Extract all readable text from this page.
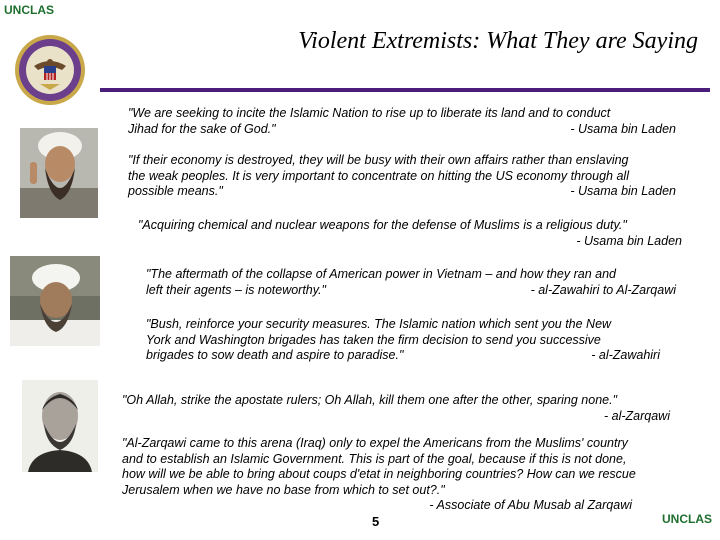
UNCLAS
Violent Extremists: What They are Saying
"We are seeking to incite the Islamic Nation to rise up to liberate its land and to conduct
Jihad for the sake of God."	- Usama bin Laden
"If their economy is destroyed, they will be busy with their own affairs rather than enslaving
the weak peoples. It is very important to concentrate on hitting the US economy through all
possible means."	- Usama bin Laden
"Acquiring chemical and nuclear weapons for the defense of Muslims is a religious duty."
- Usama bin Laden
"The aftermath of the collapse of American power in Vietnam – and how they ran and
left their agents – is noteworthy."	- al-Zawahiri to Al-Zarqawi
"Bush, reinforce your security measures. The Islamic nation which sent you the New
York and Washington brigades has taken the firm decision to send you successive
brigades to sow death and aspire to paradise."	- al-Zawahiri
"Oh Allah, strike the apostate rulers; Oh Allah, kill them one after the other, sparing none."
- al-Zarqawi
"Al-Zarqawi came to this arena (Iraq) only to expel the Americans from the Muslims' country
and to establish an Islamic Government. This is part of the goal, because if this is not done,
how will we be able to bring about coups d'etat in neighboring countries? How can we rescue
Jerusalem when we have no base from which to set out?."
- Associate of Abu Musab al Zarqawi
5	UNCLAS
